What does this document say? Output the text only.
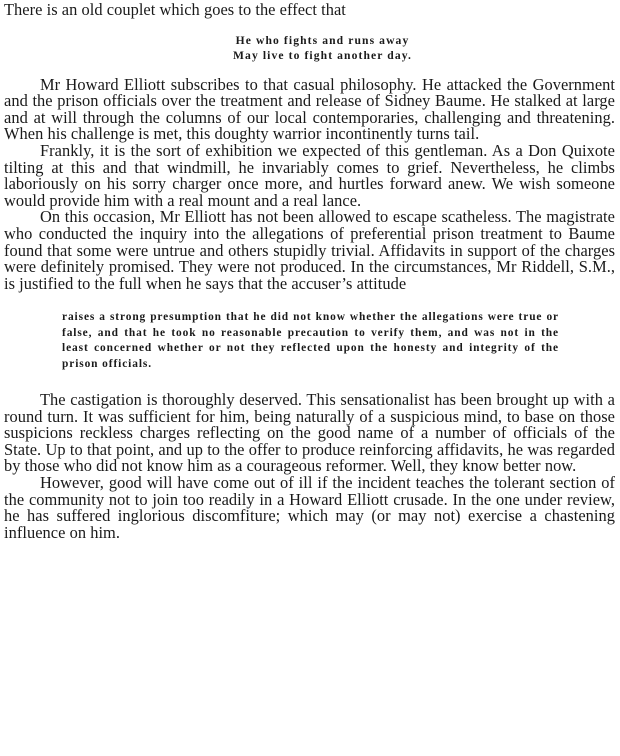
There is an old couplet which goes to the effect that

He who fights and runs away
May live to fight another day.

Mr Howard Elliott subscribes to that casual philosophy. He attacked the Government and the prison officials over the treatment and release of Sidney Baume. He stalked at large and at will through the columns of our local contemporaries, challenging and threatening. When his challenge is met, this doughty warrior incontinently turns tail.

Frankly, it is the sort of exhibition we expected of this gentleman. As a Don Quixote tilting at this and that windmill, he invariably comes to grief. Nevertheless, he climbs laboriously on his sorry charger once more, and hurtles forward anew. We wish someone would provide him with a real mount and a real lance.

On this occasion, Mr Elliott has not been allowed to escape scatheless. The magistrate who conducted the inquiry into the allegations of preferential prison treatment to Baume found that some were untrue and others stupidly trivial. Affidavits in support of the charges were definitely promised. They were not produced. In the circumstances, Mr Riddell, S.M., is justified to the full when he says that the accuser’s attitude

raises a strong presumption that he did not know whether the allegations were true or false, and that he took no reasonable precaution to verify them, and was not in the least concerned whether or not they reflected upon the honesty and integrity of the prison officials.

The castigation is thoroughly deserved. This sensationalist has been brought up with a round turn. It was sufficient for him, being naturally of a suspicious mind, to base on those suspicions reckless charges reflecting on the good name of a number of officials of the State. Up to that point, and up to the offer to produce reinforcing affidavits, he was regarded by those who did not know him as a courageous reformer. Well, they know better now.

However, good will have come out of ill if the incident teaches the tolerant section of the community not to join too readily in a Howard Elliott crusade. In the one under review, he has suffered inglorious discomfiture; which may (or may not) exercise a chastening influence on him.
